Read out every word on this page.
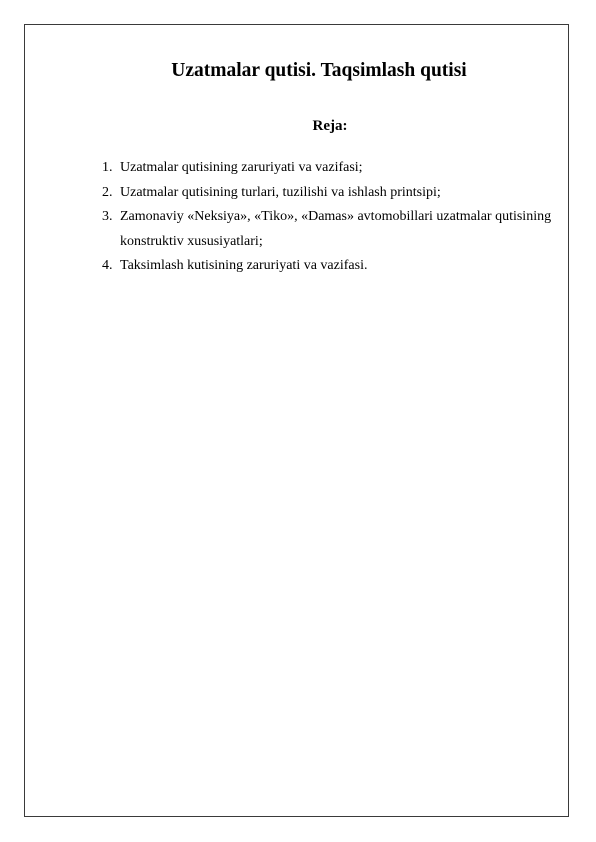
Uzatmalar qutisi. Taqsimlash qutisi
Reja:
1. Uzatmalar qutisining zaruriyati va vazifasi;
2. Uzatmalar qutisining turlari, tuzilishi va ishlash printsipi;
3. Zamonaviy «Neksiya», «Tiko», «Damas» avtomobillari uzatmalar qutisining konstruktiv xususiyatlari;
4. Taksimlash kutisining zaruriyati va vazifasi.
